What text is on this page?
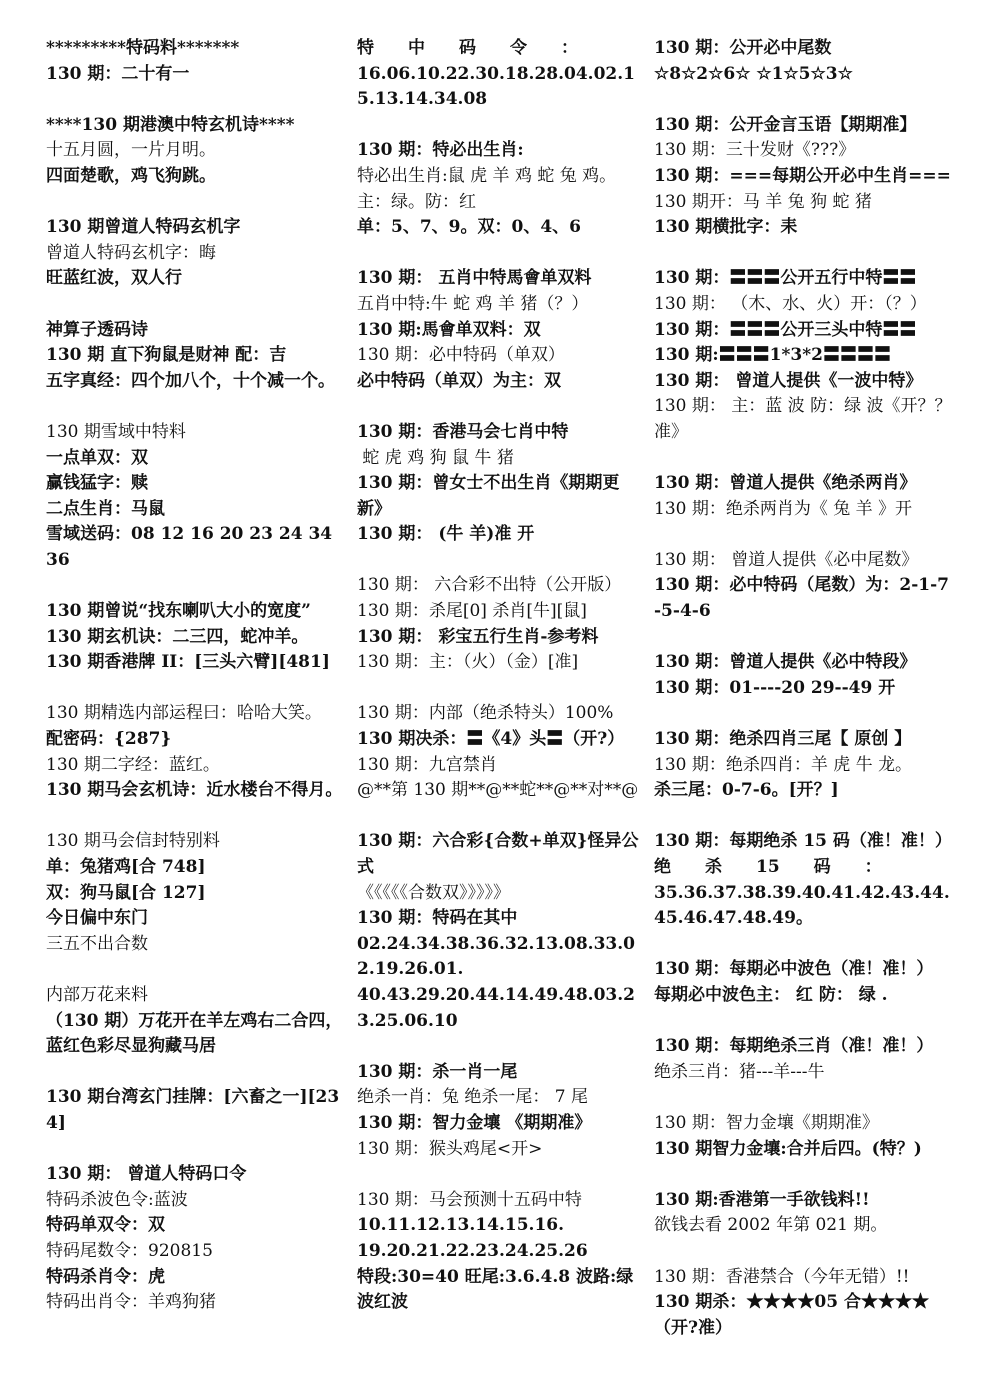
*********特码料*******
130 期：二十有一
****130 期港澳中特玄机诗****
十五月圆，一片月明。
四面楚歌，鸡飞狗跳。
130 期曾道人特码玄机字
曾道人特码玄机字：晦
旺蓝红波，双人行
神算子透码诗
130 期 直下狗鼠是财神 配：吉
五字真经：四个加八个，十个减一个。
130 期雪域中特料
一点单双：双
赢钱猛字：赎
二点生肖：马鼠
雪域送码：08 12 16 20 23 24 34 36
130 期曾说“找东喇叭大小的宽度”
130 期玄机诀：二三四，蛇冲羊。
130 期香港牌 II：[三头六臂][481]
130 期精选内部运程曰：哈哈大笑。
配密码：{287}
130 期二字经：蓝红。
130 期马会玄机诗：近水楼台不得月。
130 期马会信封特别料
单：兔猪鸡[合 748]
双：狗马鼠[合 127]
今日偏中东门
三五不出合数
内部万花来料
（130 期）万花开在羊左鸡右二合四，蓝红色彩尽显狗藏马居
130 期台湾玄门挂牌：[六畜之一][234]
130 期： 曾道人特码口令
特码杀波色令:蓝波
特码单双令：双
特码尾数令：920815
特码杀肖令：虎
特码出肖令：羊鸡狗猪
特　　中　　码　　令　　：
16.06.10.22.30.18.28.04.02.15.13.14.34.08
130 期：特必出生肖:
特必出生肖:鼠 虎 羊 鸡 蛇 兔 鸡。
主：绿。防：红
单：5、7、9。双：0、4、6
130 期： 五肖中特馬會单双料
五肖中特:牛 蛇 鸡 羊 猪（？）
130 期:馬會单双料：双
130 期：必中特码（单双）
必中特码（单双）为主：双
130 期：香港马会七肖中特
蛇 虎 鸡 狗 鼠 牛 猪
130 期：曾女士不出生肖《期期更新》
130 期： (牛 羊)准 开
130 期： 六合彩不出特（公开版）
130 期：杀尾[0] 杀肖[牛][鼠]
130 期： 彩宝五行生肖-参考料
130 期：主：（火）（金）[准]
130 期：内部（绝杀特头）100%
130 期决杀：〓《4》头〓（开?）
130 期：九宫禁肖
@**第 130 期**@**蛇**@**对**@
130 期：六合彩{合数+单双}怪异公式
《《《《《合数双》》》》》
130 期：特码在其中
02.24.34.38.36.32.13.08.33.02.19.26.01.
40.43.29.20.44.14.49.48.03.23.25.06.10
130 期：杀一肖一尾
绝杀一肖：兔 绝杀一尾： 7 尾
130 期：智力金壤 《期期准》
130 期：猴头鸡尾<开>
130 期：马会预测十五码中特
10.11.12.13.14.15.16.
19.20.21.22.23.24.25.26
特段:30=40 旺尾:3.6.4.8 波路:绿波红波
130 期：公开必中尾数
☆8☆2☆6☆ ☆1☆5☆3☆
130 期：公开金言玉语【期期准】
130 期：三十发财《???》
130 期：===每期公开必中生肖===
130 期开：马 羊 兔 狗 蛇 猪
130 期横批字：耒
130 期：〓〓〓公开五行中特〓〓
130 期： （木、水、火）开：（？）
130 期：〓〓〓公开三头中特〓〓
130 期:〓〓〓1*3*2〓〓〓〓
130 期： 曾道人提供《一波中特》
130 期： 主：蓝 波 防：绿 波《开？？准》
130 期：曾道人提供《绝杀两肖》
130 期：绝杀两肖为《 兔 羊 》开
130 期： 曾道人提供《必中尾数》
130 期：必中特码（尾数）为：2-1-7-5-4-6
130 期：曾道人提供《必中特段》
130 期：01----20 29--49 开
130 期：绝杀四肖三尾【 原创 】
130 期：绝杀四肖：羊 虎 牛 龙。
杀三尾：0-7-6。[开？]
130 期：每期绝杀 15 码（准！准！）
绝　　杀　　15　　码　　：
35.36.37.38.39.40.41.42.43.44.45.46.47.48.49。
130 期：每期必中波色（准！准！）
每期必中波色主： 红 防： 绿 .
130 期：每期绝杀三肖（准！准！）
绝杀三肖：猪---羊---牛
130 期：智力金壤《期期准》
130 期智力金壤:合并后四。(特？)
130 期:香港第一手欲钱料!!
欲钱去看 2002 年第 021 期。
130 期：香港禁合（今年无错）!!
130 期杀：★★★★05 合★★★★（开?准）
